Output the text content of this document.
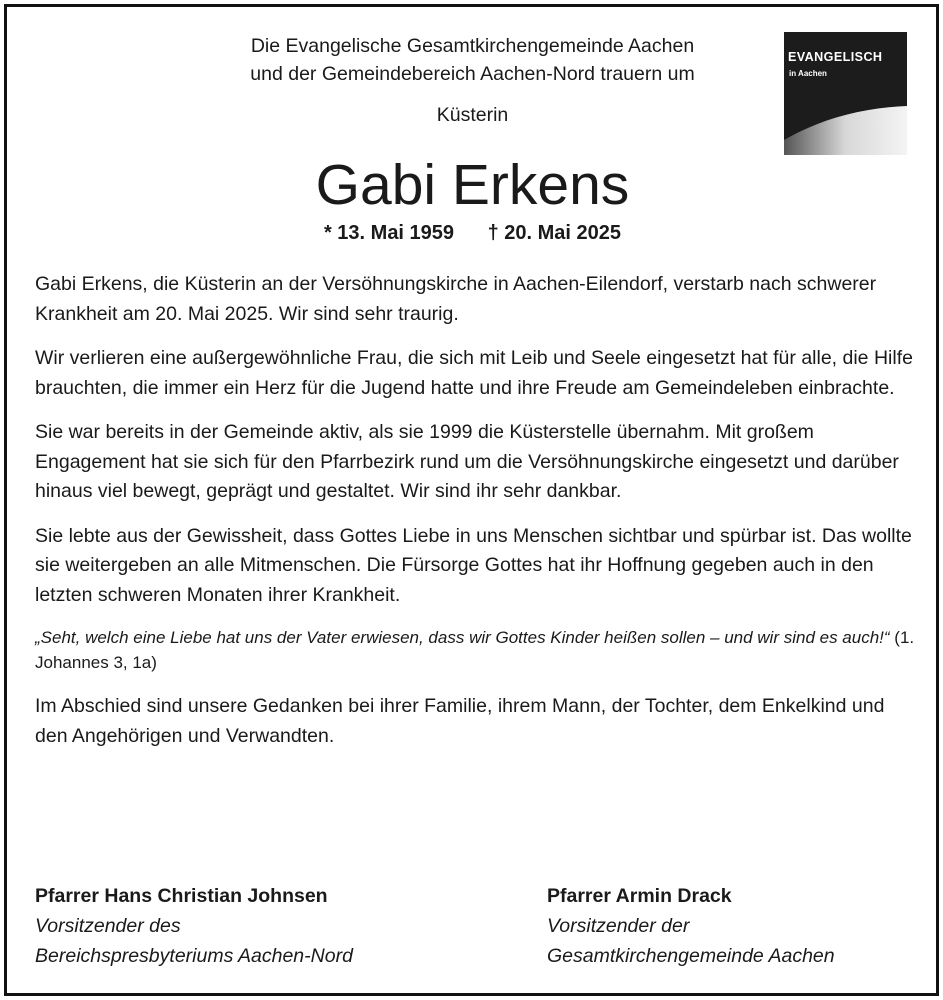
Die Evangelische Gesamtkirchengemeinde Aachen
und der Gemeindebereich Aachen-Nord trauern um
Küsterin
EVANGELISCH
in Aachen
Gabi Erkens
* 13. Mai 1959 † 20. Mai 2025

Gabi Erkens, die Küsterin an der Versöhnungskirche in Aachen-Eilendorf, verstarb nach schwerer Krankheit am 20. Mai 2025. Wir sind sehr traurig.

Wir verlieren eine außergewöhnliche Frau, die sich mit Leib und Seele eingesetzt hat für alle, die Hilfe brauchten, die immer ein Herz für die Jugend hatte und ihre Freude am Gemeindeleben einbrachte.

Sie war bereits in der Gemeinde aktiv, als sie 1999 die Küsterstelle übernahm. Mit großem Engagement hat sie sich für den Pfarrbezirk rund um die Versöhnungskirche eingesetzt und darüber hinaus viel bewegt, geprägt und gestaltet. Wir sind ihr sehr dankbar.

Sie lebte aus der Gewissheit, dass Gottes Liebe in uns Menschen sichtbar und spürbar ist. Das wollte sie weitergeben an alle Mitmenschen. Die Fürsorge Gottes hat ihr Hoffnung gegeben auch in den letzten schweren Monaten ihrer Krankheit.

„Seht, welch eine Liebe hat uns der Vater erwiesen, dass wir Gottes Kinder heißen sollen – und wir sind es auch!“ (1. Johannes 3, 1a)

Im Abschied sind unsere Gedanken bei ihrer Familie, ihrem Mann, der Tochter, dem Enkelkind und den Angehörigen und Verwandten.

Pfarrer Hans Christian Johnsen
Vorsitzender des
Bereichspresbyteriums Aachen-Nord
Pfarrer Armin Drack
Vorsitzender der
Gesamtkirchengemeinde Aachen
